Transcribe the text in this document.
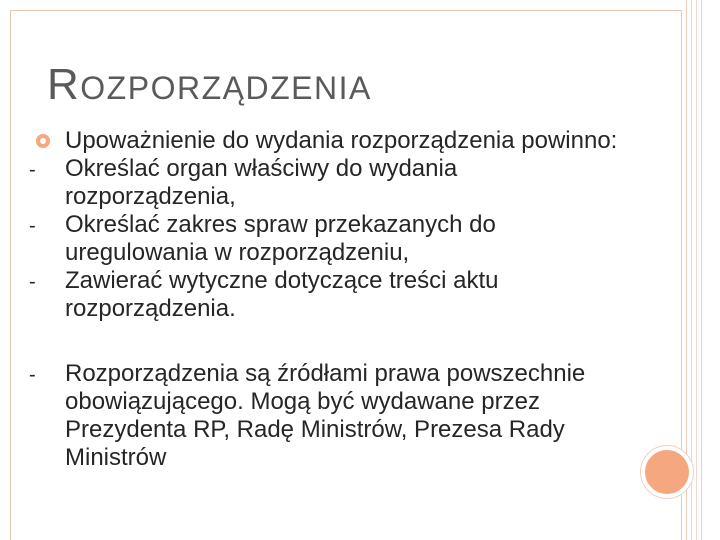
ROZPORZĄDZENIA
Upoważnienie do wydania rozporządzenia powinno:
- Określać organ właściwy do wydania rozporządzenia,
- Określać zakres spraw przekazanych do uregulowania w rozporządzeniu,
- Zawierać wytyczne dotyczące treści aktu rozporządzenia.
- Rozporządzenia są źródłami prawa powszechnie obowiązującego. Mogą być wydawane przez Prezydenta RP, Radę Ministrów, Prezesa Rady Ministrów
